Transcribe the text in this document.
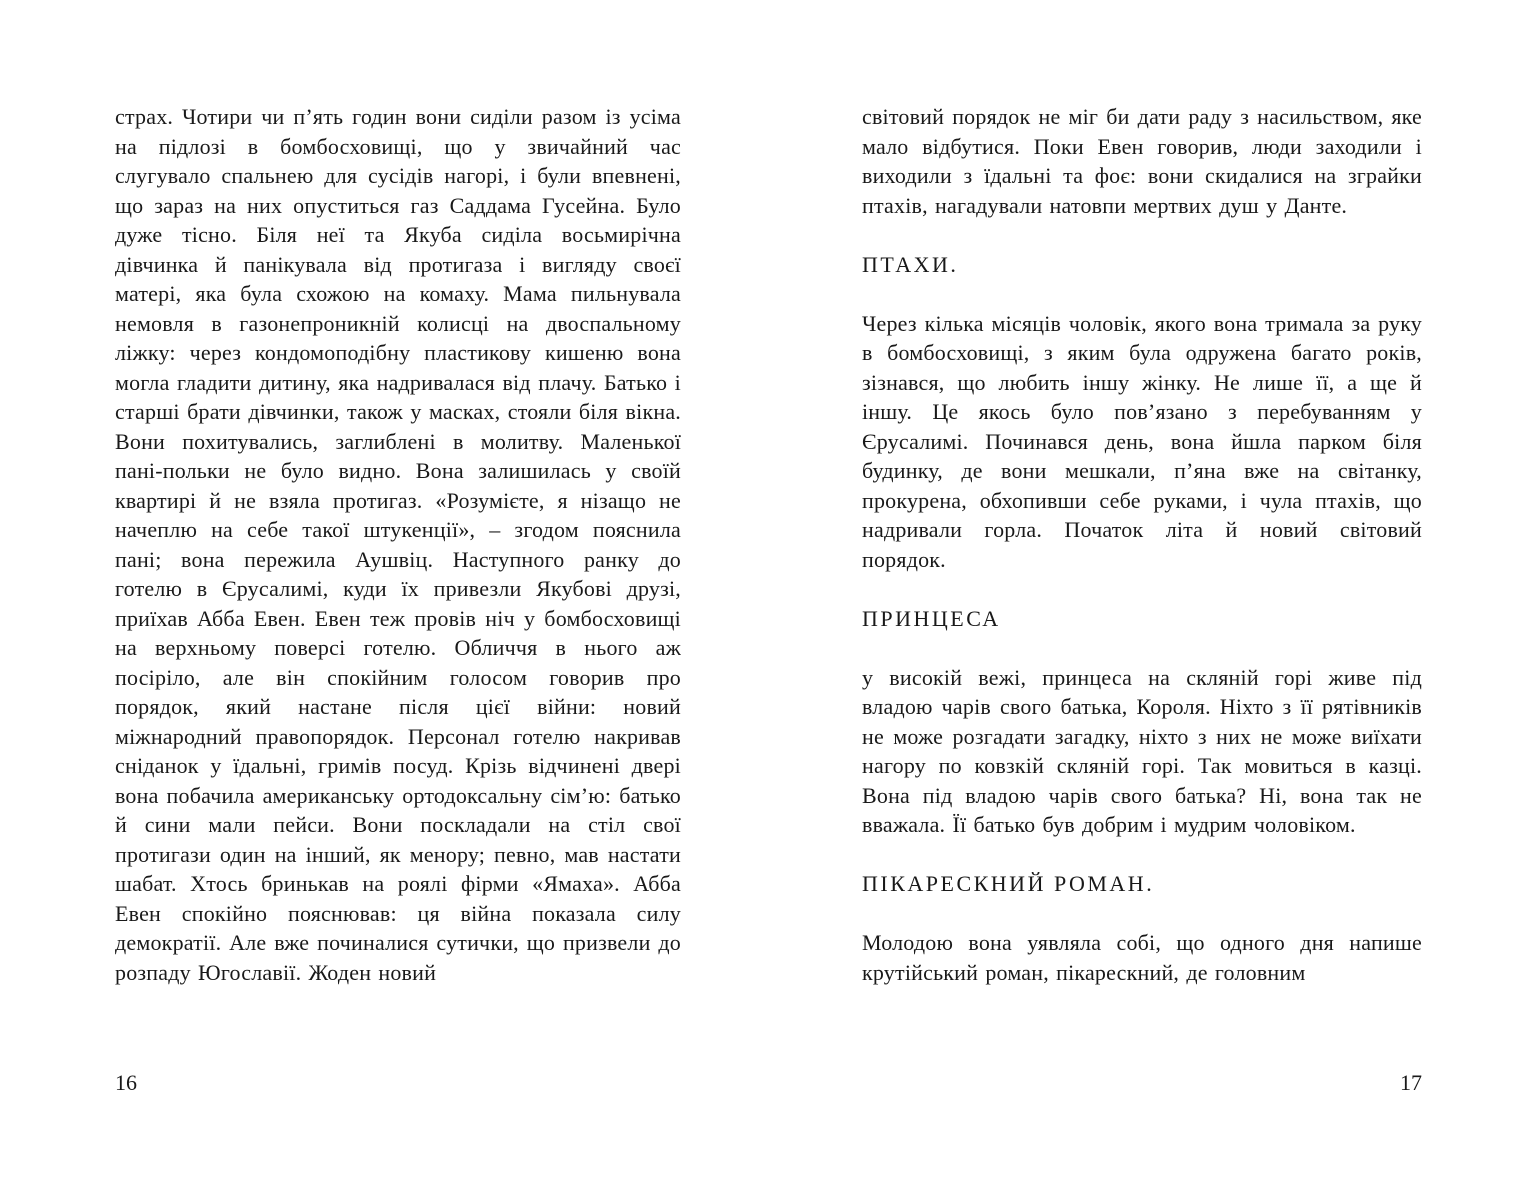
страх. Чотири чи п’ять годин вони сиділи разом із усіма на підлозі в бомбосховищі, що у звичайний час слугувало спальнею для сусідів нагорі, і були впевнені, що зараз на них опуститься газ Саддама Гусейна. Було дуже тісно. Біля неї та Якуба сиділа восьмирічна дівчинка й панікувала від протигаза і вигляду своєї матері, яка була схожою на комаху. Мама пильнувала немовля в газонепроникній колисці на двоспальному ліжку: через кондомоподібну пластикову кишеню вона могла гладити дитину, яка надривалася від плачу. Батько і старші брати дівчинки, також у масках, стояли біля вікна. Вони похитувались, заглиблені в молитву. Маленької пані-польки не було видно. Вона залишилась у своїй квартирі й не взяла протигаз. «Розумієте, я нізащо не начеплю на себе такої штукенції», – згодом пояснила пані; вона пережила Аушвіц. Наступного ранку до готелю в Єрусалимі, куди їх привезли Якубові друзі, приїхав Абба Евен. Евен теж провів ніч у бомбосховищі на верхньому поверсі готелю. Обличчя в нього аж посіріло, але він спокійним голосом говорив про порядок, який настане після цієї війни: новий міжнародний правопорядок. Персонал готелю накривав сніданок у їдальні, гримів посуд. Крізь відчинені двері вона побачила американську ортодоксальну сім’ю: батько й сини мали пейси. Вони поскладали на стіл свої протигази один на інший, як менору; певно, мав настати шабат. Хтось бринькав на роялі фірми «Ямаха». Абба Евен спокійно пояснював: ця війна показала силу демократії. Але вже починалися сутички, що призвели до розпаду Югославії. Жоден новий

16

світовий порядок не міг би дати раду з насильством, яке мало відбутися. Поки Евен говорив, люди заходили і виходили з їдальні та фоє: вони скидалися на зграйки птахів, нагадували натовпи мертвих душ у Данте.

ПТАХИ.

Через кілька місяців чоловік, якого вона тримала за руку в бомбосховищі, з яким була одружена багато років, зізнався, що любить іншу жінку. Не лише її, а ще й іншу. Це якось було пов’язано з перебуванням у Єрусалимі. Починався день, вона йшла парком біля будинку, де вони мешкали, п’яна вже на світанку, прокурена, обхопивши себе руками, і чула птахів, що надривали горла. Початок літа й новий світовий порядок.

ПРИНЦЕСА

у високій вежі, принцеса на скляній горі живе під владою чарів свого батька, Короля. Ніхто з її рятівників не може розгадати загадку, ніхто з них не може виїхати нагору по ковзкій скляній горі. Так мовиться в казці. Вона під владою чарів свого батька? Ні, вона так не вважала. Її батько був добрим і мудрим чоловіком.

ПІКАРЕСКНИЙ РОМАН.

Молодою вона уявляла собі, що одного дня напише крутійський роман, пікарескний, де головним

17
